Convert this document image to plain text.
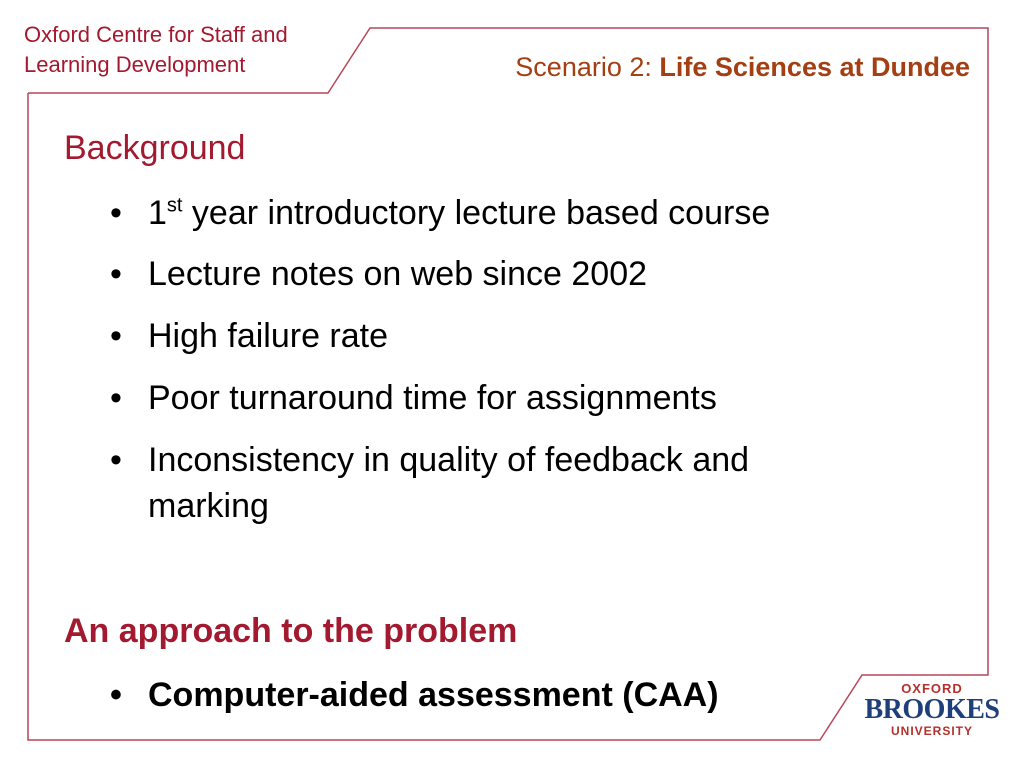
Oxford Centre for Staff and
Learning Development	Scenario 2: Life Sciences at Dundee
Background
• 1st year introductory lecture based course
• Lecture notes on web since 2002
• High failure rate
• Poor turnaround time for assignments
• Inconsistency in quality of feedback and marking
An approach to the problem
• Computer-aided assessment (CAA)	OXFORD
BROOKES
UNIVERSITY
